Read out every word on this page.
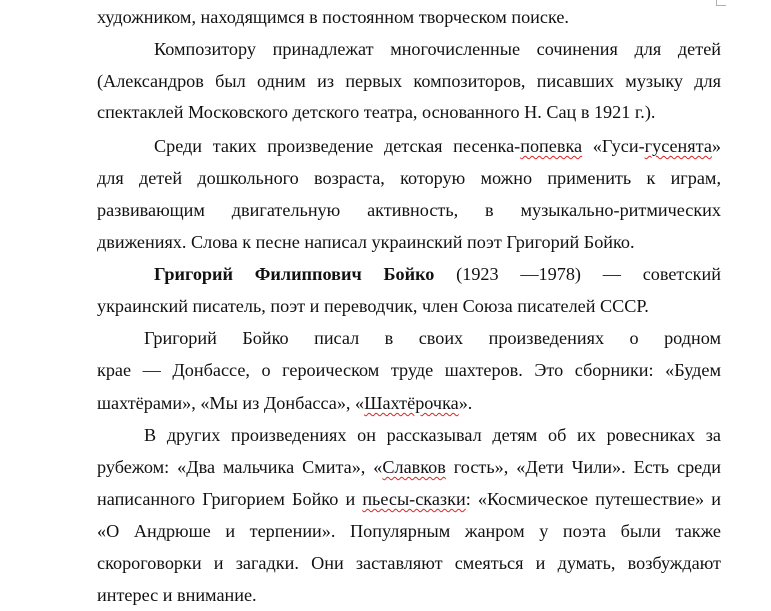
художником, находящимся в постоянном творческом поиске.
Композитору принадлежат многочисленные сочинения для детей
(Александров был одним из первых композиторов, писавших музыку для
спектаклей Московского детского театра, основанного Н. Сац в 1921 г.).
Среди таких произведение детская песенка-попевка «Гуси-гусенята»
для детей дошкольного возраста, которую можно применить к играм,
развивающим двигательную активность, в музыкально-ритмических
движениях. Слова к песне написал украинский поэт Григорий Бойко.
Григорий Филиппович Бойко (1923 —1978) — советский
украинский писатель, поэт и переводчик, член Союза писателей СССР.
Григорий Бойко писал в своих произведениях о родном
крае — Донбассе, о героическом труде шахтеров. Это сборники: «Будем
шахтёрами», «Мы из Донбасса», «Шахтёрочка».
В других произведениях он рассказывал детям об их ровесниках за
рубежом: «Два мальчика Смита», «Славков гость», «Дети Чили». Есть среди
написанного Григорием Бойко и пьесы-сказки: «Космическое путешествие» и
«О Андрюше и терпении». Популярным жанром у поэта были также
скороговорки и загадки. Они заставляют смеяться и думать, возбуждают
интерес и внимание.
